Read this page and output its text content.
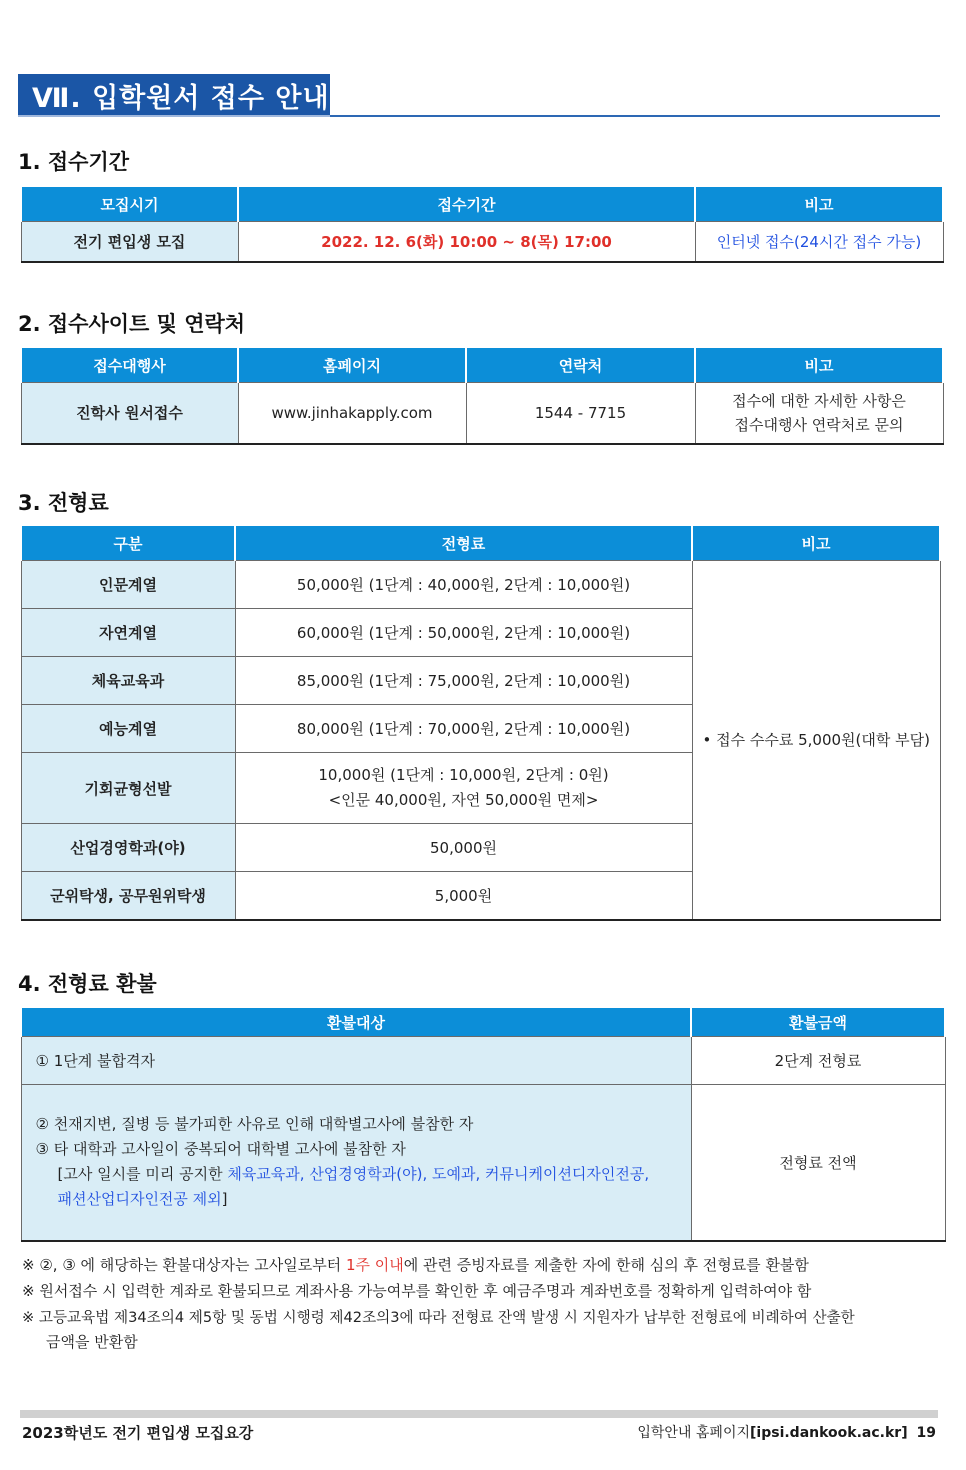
Ⅶ. 입학원서 접수 안내
1. 접수기간
모집시기	접수기간	비고
전기 편입생 모집	2022. 12. 6(화) 10:00 ~ 8(목) 17:00	인터넷 접수(24시간 접수 가능)
2. 접수사이트 및 연락처
접수대행사	홈페이지	연락처	비고
진학사 원서접수	www.jinhakapply.com	1544 - 7715	접수에 대한 자세한 사항은
접수대행사 연락처로 문의
3. 전형료
구분	전형료	비고
인문계열	50,000원 (1단계 : 40,000원, 2단계 : 10,000원)	• 접수 수수료 5,000원(대학 부담)
자연계열	60,000원 (1단계 : 50,000원, 2단계 : 10,000원)	
체육교육과	85,000원 (1단계 : 75,000원, 2단계 : 10,000원)	
예능계열	80,000원 (1단계 : 70,000원, 2단계 : 10,000원)	
기회균형선발	10,000원 (1단계 : 10,000원, 2단계 : 0원)
<인문 40,000원, 자연 50,000원 면제>	

산업경영학과(야)	50,000원	
군위탁생, 공무원위탁생	5,000원	
4. 전형료 환불
환불대상	환불금액
① 1단계 불합격자	2단계 전형료

② 천재지변, 질병 등 불가피한 사유로 인해 대학별고사에 불참한 자
③ 타 대학과 고사일이 중복되어 대학별 고사에 불참한 자
[고사 일시를 미리 공지한 체육교육과, 산업경영학과(야), 도예과, 커뮤니케이션디자인전공,
패션산업디자인전공 제외]	전형료 전액
※ ②, ③ 에 해당하는 환불대상자는 고사일로부터 1주 이내에 관련 증빙자료를 제출한 자에 한해 심의 후 전형료를 환불함
※ 원서접수 시 입력한 계좌로 환불되므로 계좌사용 가능여부를 확인한 후 예금주명과 계좌번호를 정확하게 입력하여야 함
※ 고등교육법 제34조의4 제5항 및 동법 시행령 제42조의3에 따라 전형료 잔액 발생 시 지원자가 납부한 전형료에 비례하여 산출한
금액을 반환함
2023학년도 전기 편입생 모집요강	입학안내 홈페이지[ipsi.dankook.ac.kr] 19
